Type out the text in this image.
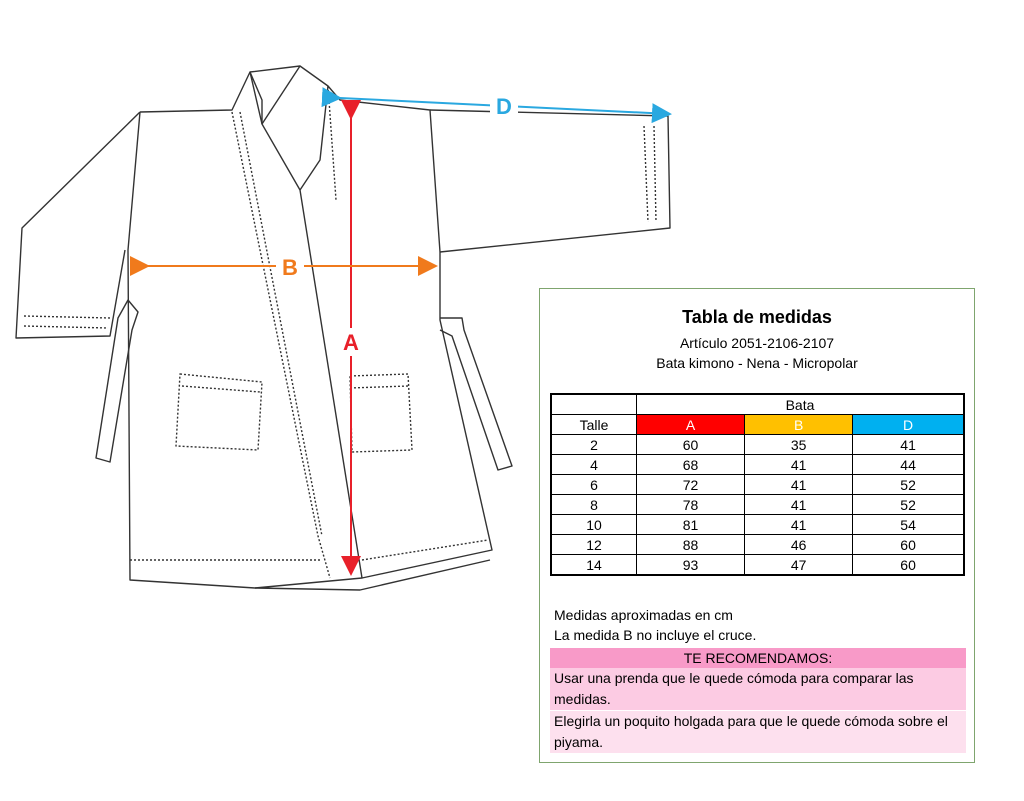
A
B
D
Tabla de medidas
Artículo 2051-2106-2107
Bata kimono - Nena - Micropolar
	Bata		
Talle	A	B	D
2	60	35	41
4	68	41	44
6	72	41	52
8	78	41	52
10	81	41	54
12	88	46	60
14	93	47	60
Medidas aproximadas en cm
La medida B no incluye el cruce.
TE RECOMENDAMOS:
Usar una prenda que le quede cómoda para comparar las
medidas.
Elegirla un poquito holgada para que le quede cómoda sobre el
piyama.
